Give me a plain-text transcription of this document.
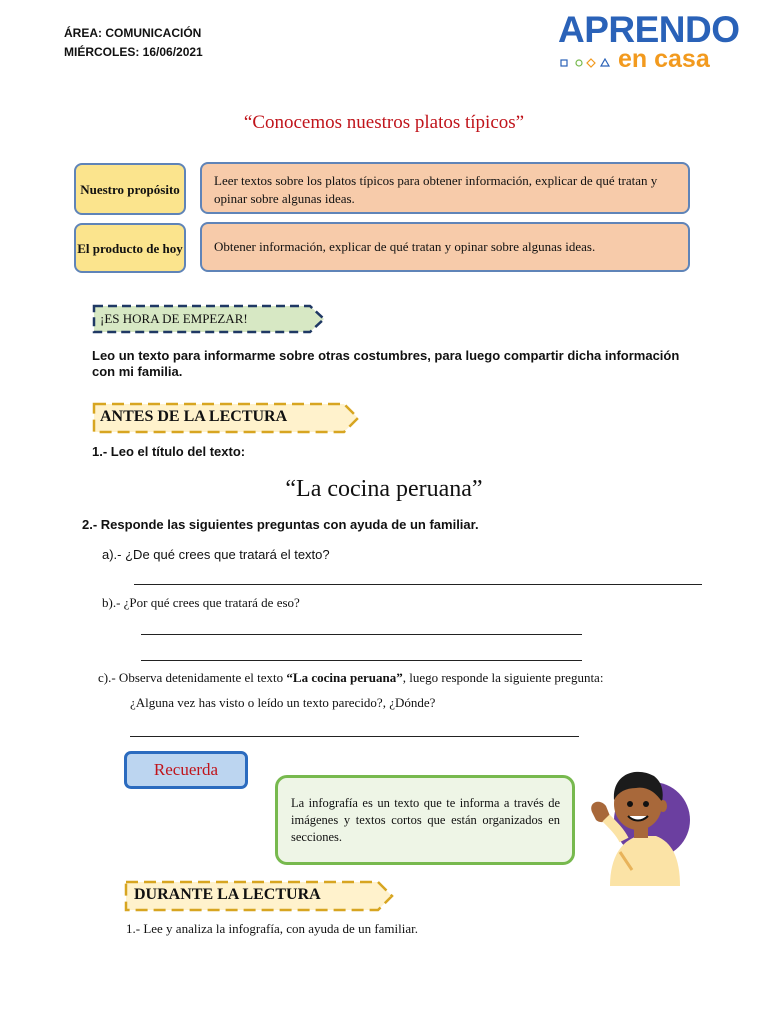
ÁREA: COMUNICACIÓN
MIÉRCOLES: 16/06/2021
APRENDO
en casa
“Conocemos nuestros platos típicos”
Nuestro propósito
Leer textos sobre los platos típicos para obtener información, explicar de qué tratan y opinar sobre algunas ideas.
El producto de hoy	Obtener información, explicar de qué tratan y opinar sobre algunas ideas.
¡ES HORA DE EMPEZAR!
Leo un texto para informarme sobre otras costumbres, para luego compartir dicha información con mi familia.
ANTES DE LA LECTURA
1.- Leo el título del texto:
“La cocina peruana”
2.- Responde las siguientes preguntas con ayuda de un familiar.
a).- ¿De qué crees que tratará el texto?
b).- ¿Por qué crees que tratará de eso?
c).- Observa detenidamente el texto “La cocina peruana”, luego responde la siguiente pregunta:
¿Alguna vez has visto o leído un texto parecido?, ¿Dónde?
Recuerda
La infografía es un texto que te informa a través de imágenes y textos cortos que están organizados en secciones.
DURANTE LA LECTURA
1.- Lee y analiza la infografía, con ayuda de un familiar.
